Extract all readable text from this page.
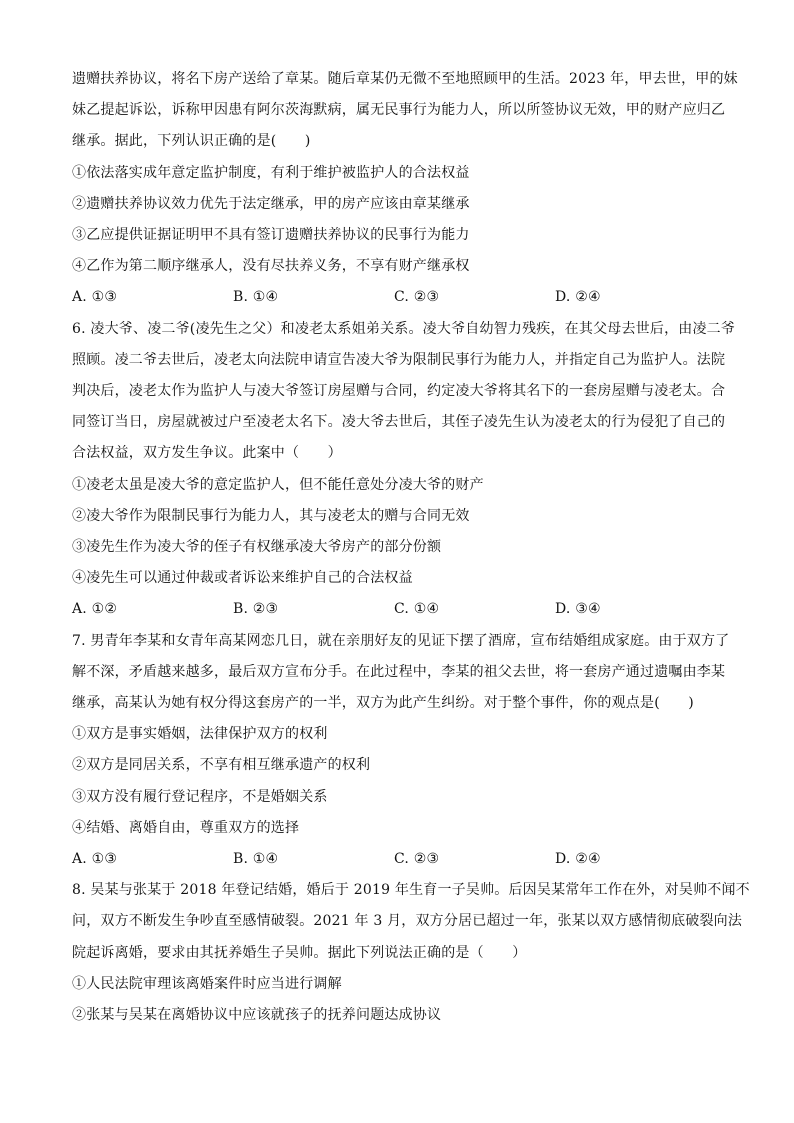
遗赠扶养协议，将名下房产送给了章某。随后章某仍无微不至地照顾甲的生活。2023 年，甲去世，甲的妹

妹乙提起诉讼，诉称甲因患有阿尔茨海默病，属无民事行为能力人，所以所签协议无效，甲的财产应归乙

继承。据此，下列认识正确的是(　　)

①依法落实成年意定监护制度，有利于维护被监护人的合法权益

②遗赠扶养协议效力优先于法定继承，甲的房产应该由章某继承

③乙应提供证据证明甲不具有签订遗赠扶养协议的民事行为能力

④乙作为第二顺序继承人，没有尽扶养义务，不享有财产继承权

A. ①③	B. ①④	C. ②③	D. ②④

6. 凌大爷、凌二爷(凌先生之父）和凌老太系姐弟关系。凌大爷自幼智力残疾，在其父母去世后，由凌二爷

照顾。凌二爷去世后，凌老太向法院申请宣告凌大爷为限制民事行为能力人，并指定自己为监护人。法院

判决后，凌老太作为监护人与凌大爷签订房屋赠与合同，约定凌大爷将其名下的一套房屋赠与凌老太。合

同签订当日，房屋就被过户至凌老太名下。凌大爷去世后，其侄子凌先生认为凌老太的行为侵犯了自己的

合法权益，双方发生争议。此案中（　　）

①凌老太虽是凌大爷的意定监护人，但不能任意处分凌大爷的财产

②凌大爷作为限制民事行为能力人，其与凌老太的赠与合同无效

③凌先生作为凌大爷的侄子有权继承凌大爷房产的部分份额

④凌先生可以通过仲裁或者诉讼来维护自己的合法权益

A. ①②	B. ②③	C. ①④	D. ③④

7. 男青年李某和女青年高某网恋几日，就在亲朋好友的见证下摆了酒席，宣布结婚组成家庭。由于双方了

解不深，矛盾越来越多，最后双方宣布分手。在此过程中，李某的祖父去世，将一套房产通过遗嘱由李某

继承，高某认为她有权分得这套房产的一半，双方为此产生纠纷。对于整个事件，你的观点是(　　)

①双方是事实婚姻，法律保护双方的权利

②双方是同居关系，不享有相互继承遗产的权利

③双方没有履行登记程序，不是婚姻关系

④结婚、离婚自由，尊重双方的选择

A. ①③	B. ①④	C. ②③	D. ②④

8. 吴某与张某于 2018 年登记结婚，婚后于 2019 年生育一子吴帅。后因吴某常年工作在外，对吴帅不闻不

问，双方不断发生争吵直至感情破裂。2021 年 3 月，双方分居已超过一年，张某以双方感情彻底破裂向法

院起诉离婚，要求由其抚养婚生子吴帅。据此下列说法正确的是（　　）

①人民法院审理该离婚案件时应当进行调解

②张某与吴某在离婚协议中应该就孩子的抚养问题达成协议
